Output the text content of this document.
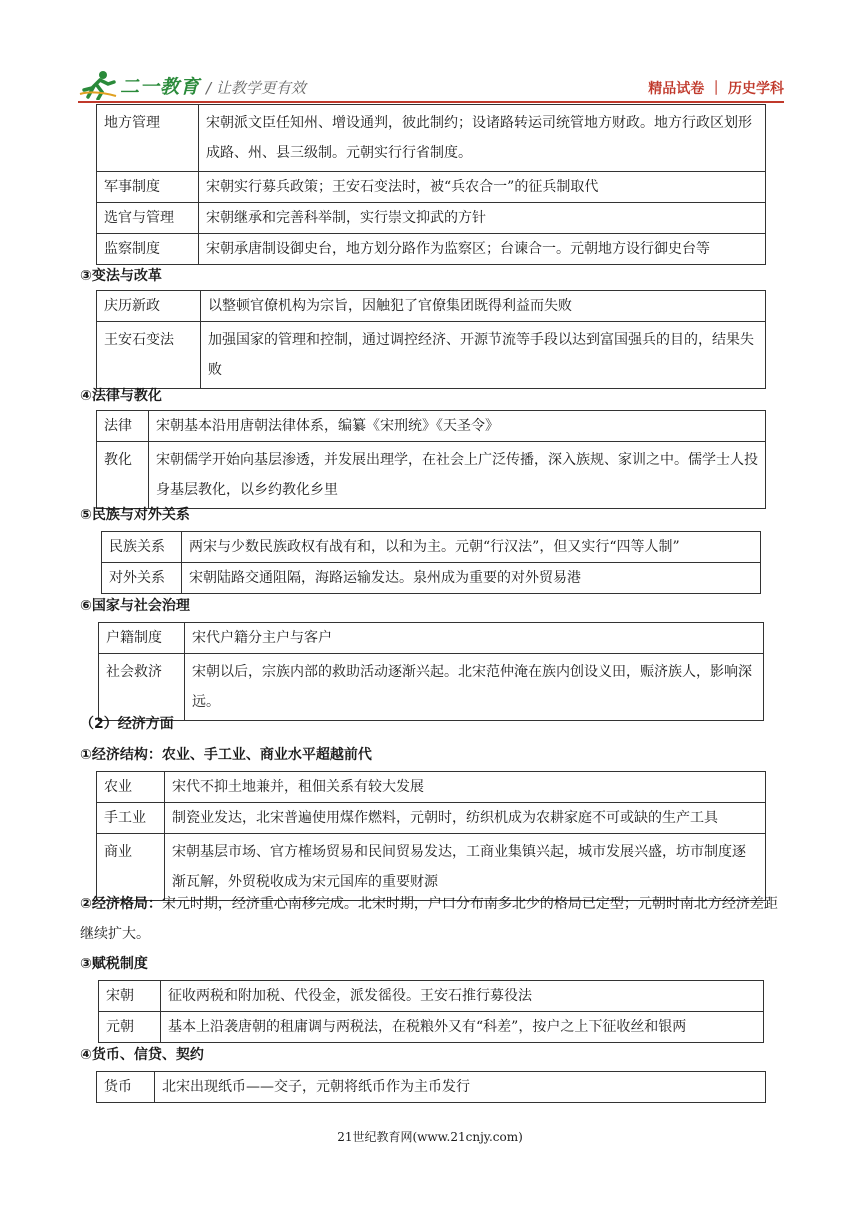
二一教育 / 让教学更有效	精品试卷 ｜ 历史学科
地方管理	宋朝派文臣任知州、增设通判，彼此制约；设诸路转运司统管地方财政。地方行政区划形成路、州、县三级制。元朝实行行省制度。
军事制度	宋朝实行募兵政策；王安石变法时，被“兵农合一”的征兵制取代
选官与管理	宋朝继承和完善科举制，实行崇文抑武的方针
监察制度	宋朝承唐制设御史台，地方划分路作为监察区；台谏合一。元朝地方设行御史台等
③变法与改革
庆历新政	以整顿官僚机构为宗旨，因触犯了官僚集团既得利益而失败
王安石变法	加强国家的管理和控制，通过调控经济、开源节流等手段以达到富国强兵的目的，结果失败
④法律与教化
法律	宋朝基本沿用唐朝法律体系，编纂《宋刑统》《天圣令》
教化	宋朝儒学开始向基层渗透，并发展出理学，在社会上广泛传播，深入族规、家训之中。儒学士人投身基层教化，以乡约教化乡里
⑤民族与对外关系
民族关系	两宋与少数民族政权有战有和，以和为主。元朝“行汉法”，但又实行“四等人制”
对外关系	宋朝陆路交通阻隔，海路运输发达。泉州成为重要的对外贸易港
⑥国家与社会治理
户籍制度	宋代户籍分主户与客户
社会救济	宋朝以后，宗族内部的救助活动逐渐兴起。北宋范仲淹在族内创设义田，赈济族人，影响深远。
（2）经济方面
①经济结构：农业、手工业、商业水平超越前代
农业	宋代不抑土地兼并，租佃关系有较大发展
手工业	制瓷业发达，北宋普遍使用煤作燃料，元朝时，纺织机成为农耕家庭不可或缺的生产工具
商业	宋朝基层市场、官方榷场贸易和民间贸易发达，工商业集镇兴起，城市发展兴盛，坊市制度逐渐瓦解，外贸税收成为宋元国库的重要财源
②经济格局：宋元时期，经济重心南移完成。北宋时期，户口分布南多北少的格局已定型；元朝时南北方经济差距继续扩大。
③赋税制度
宋朝	征收两税和附加税、代役金，派发徭役。王安石推行募役法
元朝	基本上沿袭唐朝的租庸调与两税法，在税粮外又有“科差”，按户之上下征收丝和银两
④货币、信贷、契约
货币	北宋出现纸币——交子，元朝将纸币作为主币发行
21世纪教育网(www.21cnjy.com)
